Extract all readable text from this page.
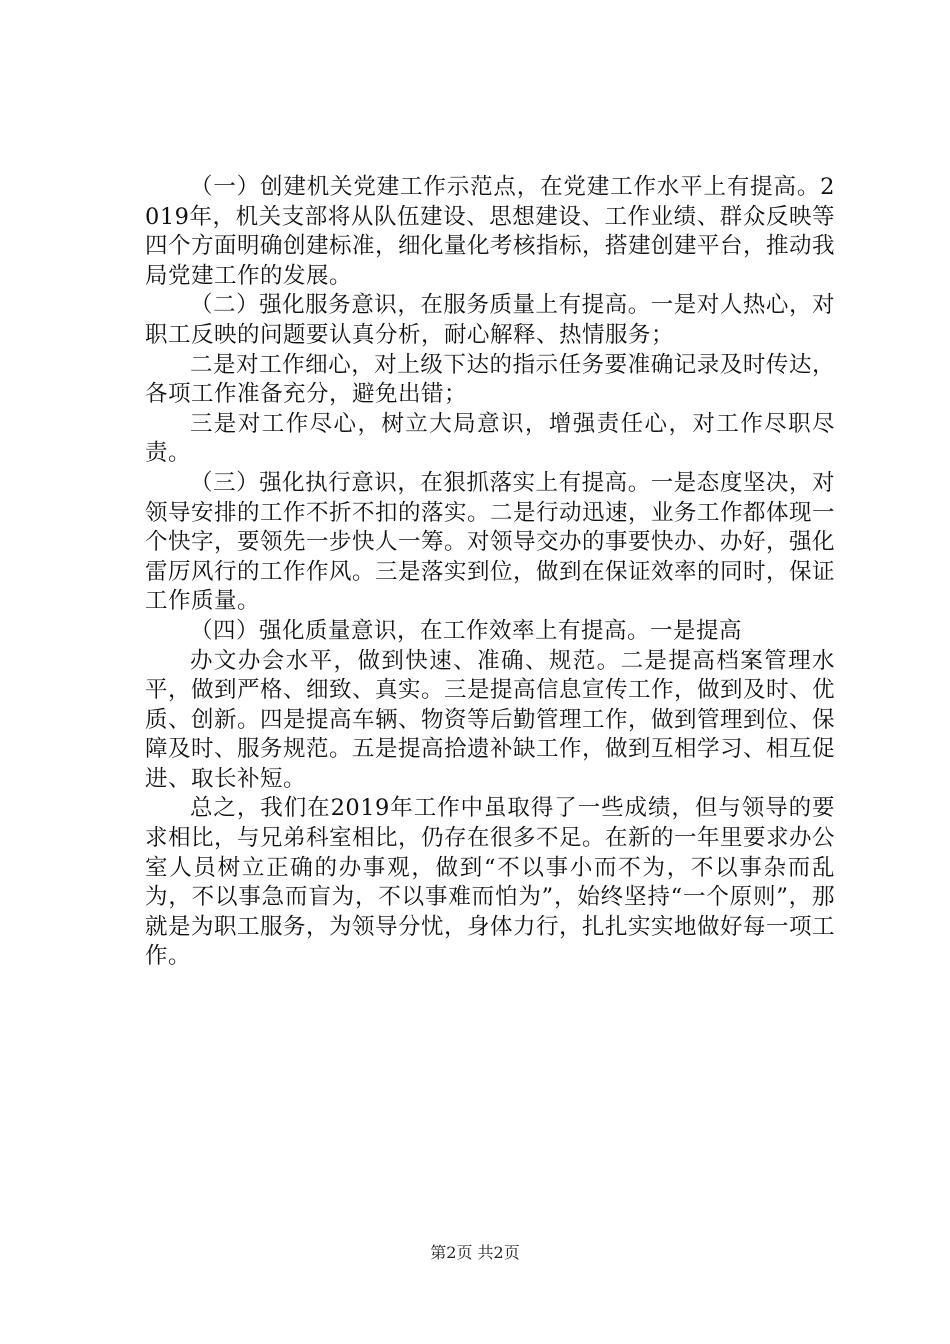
（一）创建机关党建工作示范点，在党建工作水平上有提高。2019年，机关支部将从队伍建设、思想建设、工作业绩、群众反映等四个方面明确创建标准，细化量化考核指标，搭建创建平台，推动我局党建工作的发展。

（二）强化服务意识，在服务质量上有提高。一是对人热心，对职工反映的问题要认真分析，耐心解释、热情服务；

二是对工作细心，对上级下达的指示任务要准确记录及时传达，各项工作准备充分，避免出错；

三是对工作尽心，树立大局意识，增强责任心，对工作尽职尽责。

（三）强化执行意识，在狠抓落实上有提高。一是态度坚决，对领导安排的工作不折不扣的落实。二是行动迅速，业务工作都体现一个快字，要领先一步快人一筹。对领导交办的事要快办、办好，强化雷厉风行的工作作风。三是落实到位，做到在保证效率的同时，保证工作质量。

（四）强化质量意识，在工作效率上有提高。一是提高

办文办会水平，做到快速、准确、规范。二是提高档案管理水平，做到严格、细致、真实。三是提高信息宣传工作，做到及时、优质、创新。四是提高车辆、物资等后勤管理工作，做到管理到位、保障及时、服务规范。五是提高拾遗补缺工作，做到互相学习、相互促进、取长补短。

总之，我们在2019年工作中虽取得了一些成绩，但与领导的要求相比，与兄弟科室相比，仍存在很多不足。在新的一年里要求办公室人员树立正确的办事观，做到“不以事小而不为，不以事杂而乱为，不以事急而盲为，不以事难而怕为”，始终坚持“一个原则”，那就是为职工服务，为领导分忧，身体力行，扎扎实实地做好每一项工作。

第2页 共2页
